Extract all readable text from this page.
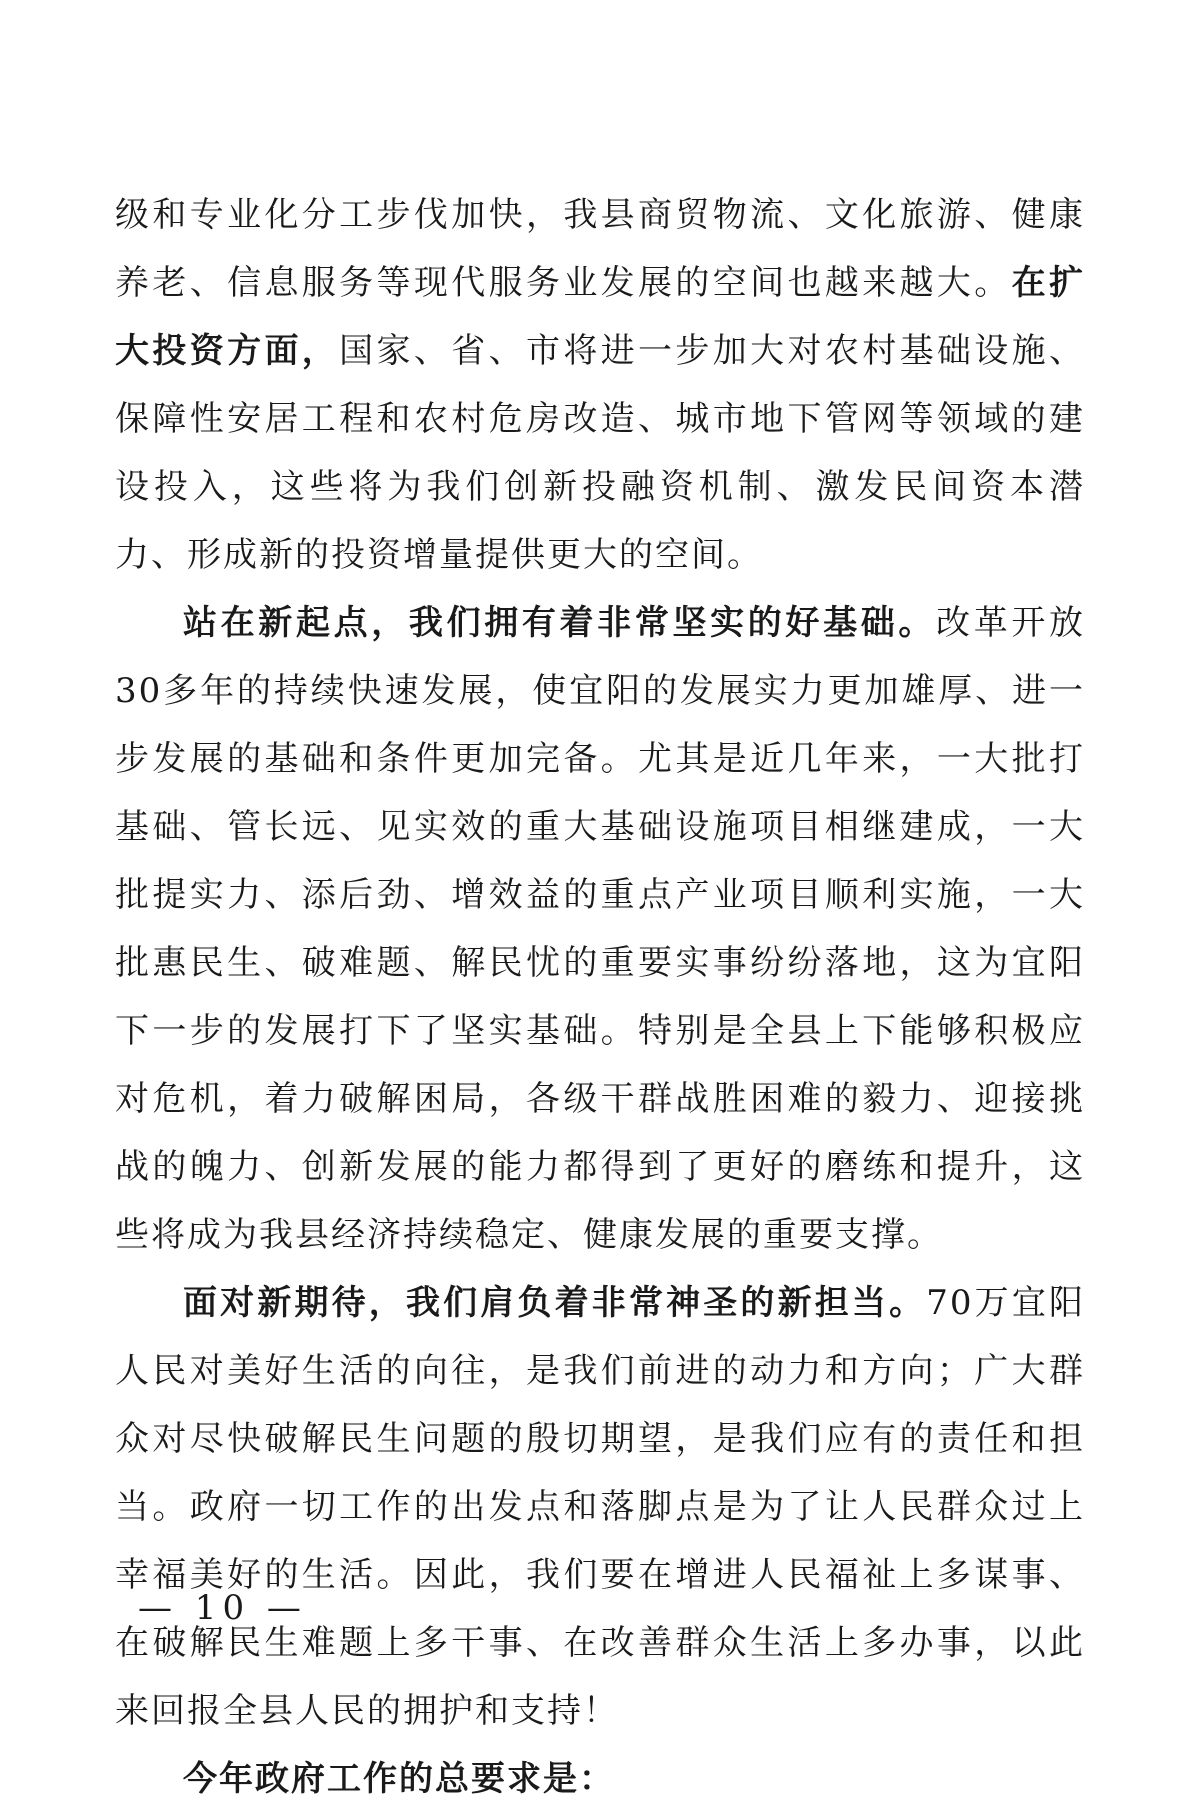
级和专业化分工步伐加快，我县商贸物流、文化旅游、健康养老、信息服务等现代服务业发展的空间也越来越大。在扩大投资方面，国家、省、市将进一步加大对农村基础设施、保障性安居工程和农村危房改造、城市地下管网等领域的建设投入，这些将为我们创新投融资机制、激发民间资本潜力、形成新的投资增量提供更大的空间。

站在新起点，我们拥有着非常坚实的好基础。改革开放30多年的持续快速发展，使宜阳的发展实力更加雄厚、进一步发展的基础和条件更加完备。尤其是近几年来，一大批打基础、管长远、见实效的重大基础设施项目相继建成，一大批提实力、添后劲、增效益的重点产业项目顺利实施，一大批惠民生、破难题、解民忧的重要实事纷纷落地，这为宜阳下一步的发展打下了坚实基础。特别是全县上下能够积极应对危机，着力破解困局，各级干群战胜困难的毅力、迎接挑战的魄力、创新发展的能力都得到了更好的磨练和提升，这些将成为我县经济持续稳定、健康发展的重要支撑。

面对新期待，我们肩负着非常神圣的新担当。70万宜阳人民对美好生活的向往，是我们前进的动力和方向；广大群众对尽快破解民生问题的殷切期望，是我们应有的责任和担当。政府一切工作的出发点和落脚点是为了让人民群众过上幸福美好的生活。因此，我们要在增进人民福祉上多谋事、在破解民生难题上多干事、在改善群众生活上多办事，以此来回报全县人民的拥护和支持！

今年政府工作的总要求是：

— 10 —
